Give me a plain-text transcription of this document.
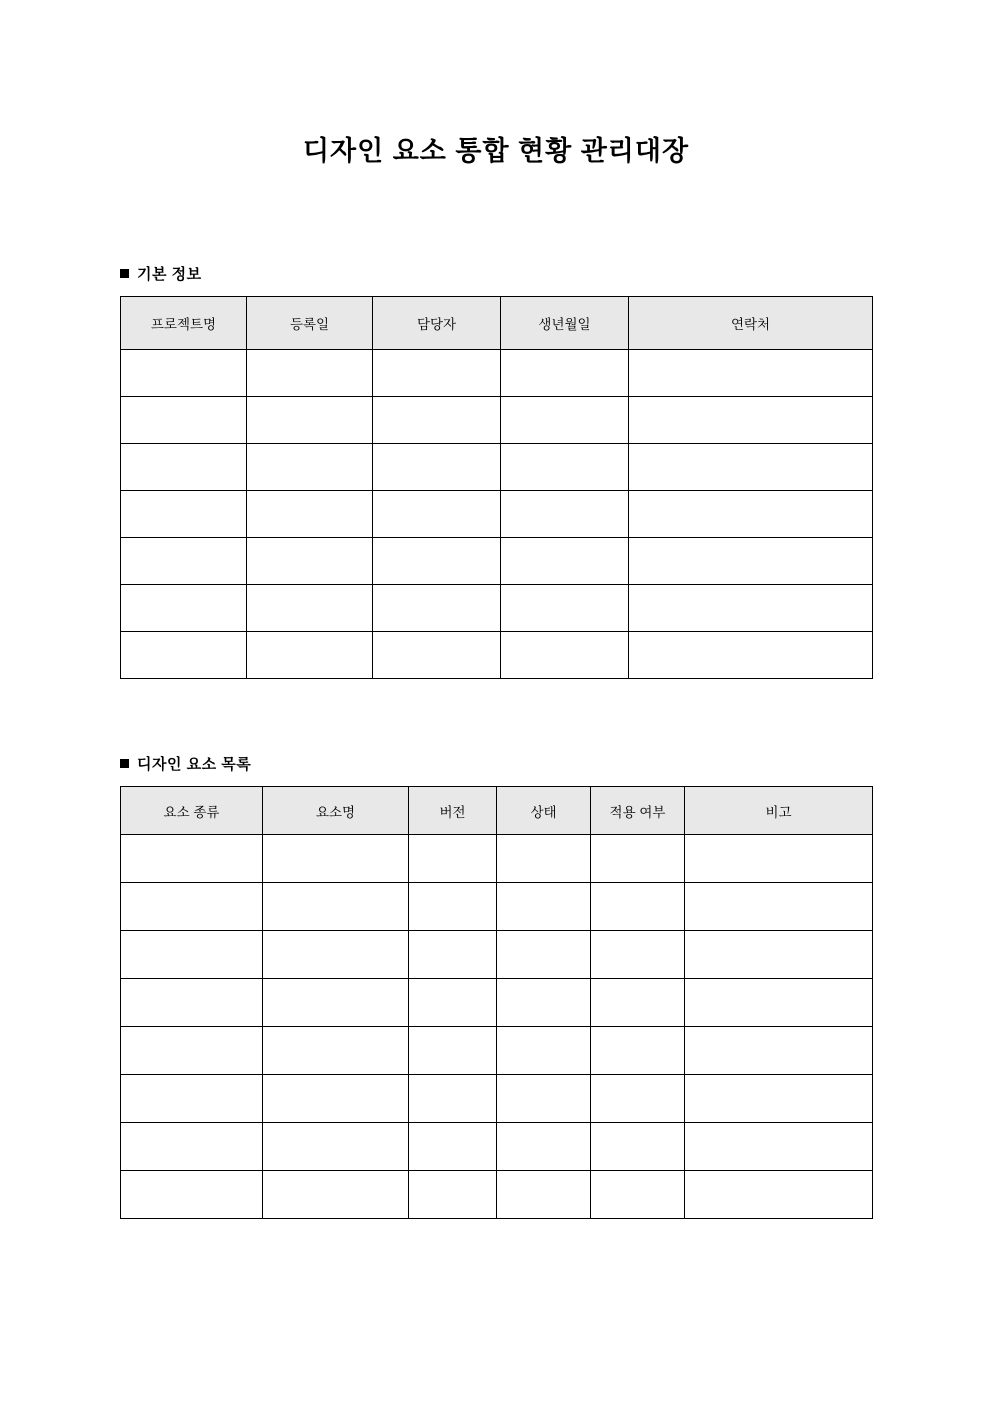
디자인 요소 통합 현황 관리대장
기본 정보
프로젝트명	등록일	담당자	생년월일	연락처

디자인 요소 목록
요소 종류	요소명	버전	상태	적용 여부	비고
